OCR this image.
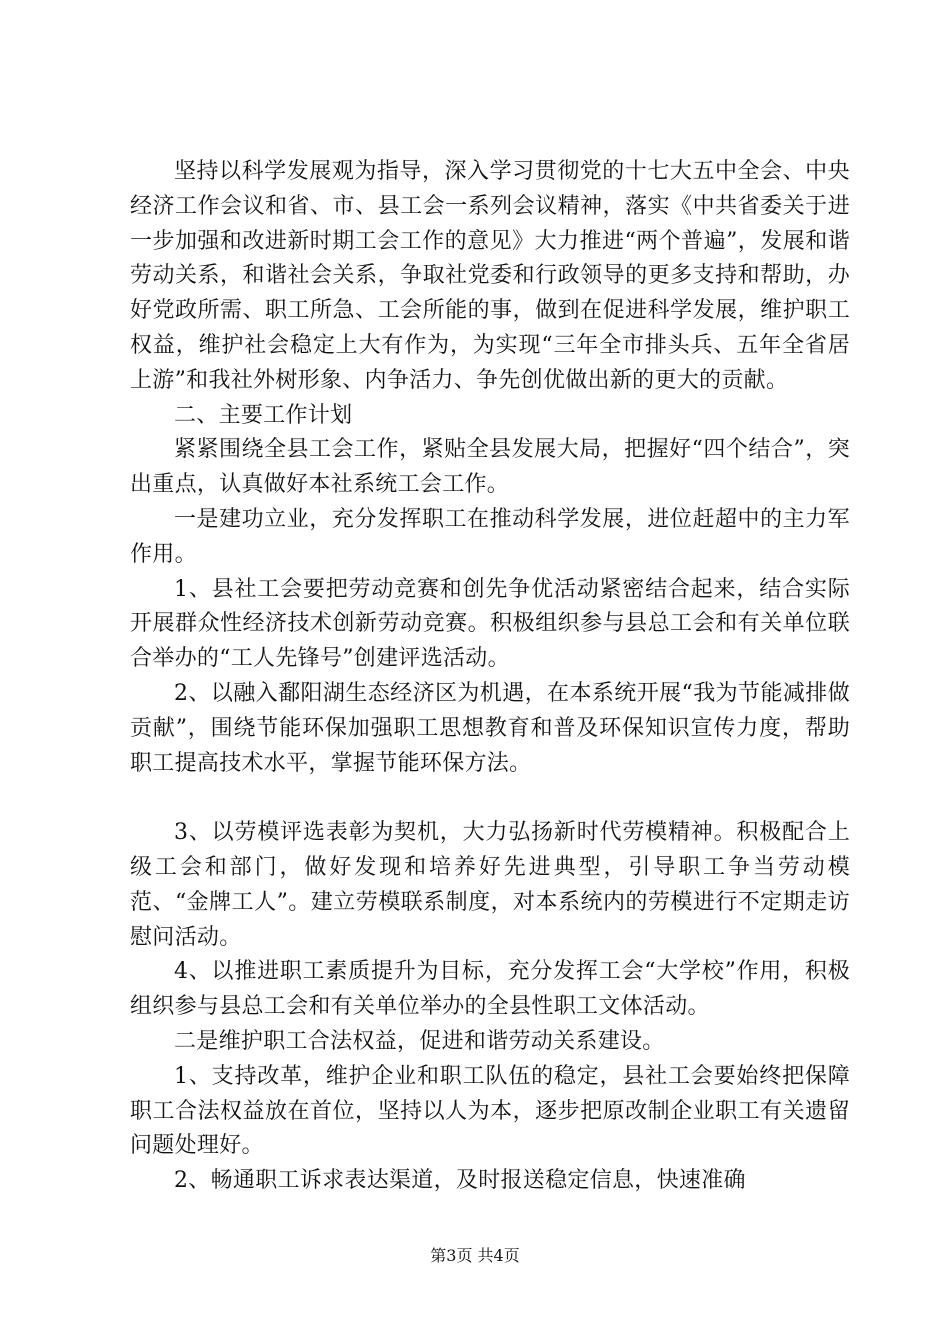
坚持以科学发展观为指导，深入学习贯彻党的十七大五中全会、中央经济工作会议和省、市、县工会一系列会议精神，落实《中共省委关于进一步加强和改进新时期工会工作的意见》大力推进“两个普遍”，发展和谐劳动关系，和谐社会关系，争取社党委和行政领导的更多支持和帮助，办好党政所需、职工所急、工会所能的事，做到在促进科学发展，维护职工权益，维护社会稳定上大有作为，为实现“三年全市排头兵、五年全省居上游”和我社外树形象、内争活力、争先创优做出新的更大的贡献。

二、主要工作计划

紧紧围绕全县工会工作，紧贴全县发展大局，把握好“四个结合”，突出重点，认真做好本社系统工会工作。

一是建功立业，充分发挥职工在推动科学发展，进位赶超中的主力军作用。

1、县社工会要把劳动竞赛和创先争优活动紧密结合起来，结合实际开展群众性经济技术创新劳动竞赛。积极组织参与县总工会和有关单位联合举办的“工人先锋号”创建评选活动。

2、以融入鄱阳湖生态经济区为机遇，在本系统开展“我为节能减排做贡献”，围绕节能环保加强职工思想教育和普及环保知识宣传力度，帮助职工提高技术水平，掌握节能环保方法。

3、以劳模评选表彰为契机，大力弘扬新时代劳模精神。积极配合上级工会和部门，做好发现和培养好先进典型，引导职工争当劳动模范、“金牌工人”。建立劳模联系制度，对本系统内的劳模进行不定期走访慰问活动。

4、以推进职工素质提升为目标，充分发挥工会“大学校”作用，积极组织参与县总工会和有关单位举办的全县性职工文体活动。

二是维护职工合法权益，促进和谐劳动关系建设。

1、支持改革，维护企业和职工队伍的稳定，县社工会要始终把保障职工合法权益放在首位，坚持以人为本，逐步把原改制企业职工有关遗留问题处理好。

2、畅通职工诉求表达渠道，及时报送稳定信息，快速准确

第3页 共4页
